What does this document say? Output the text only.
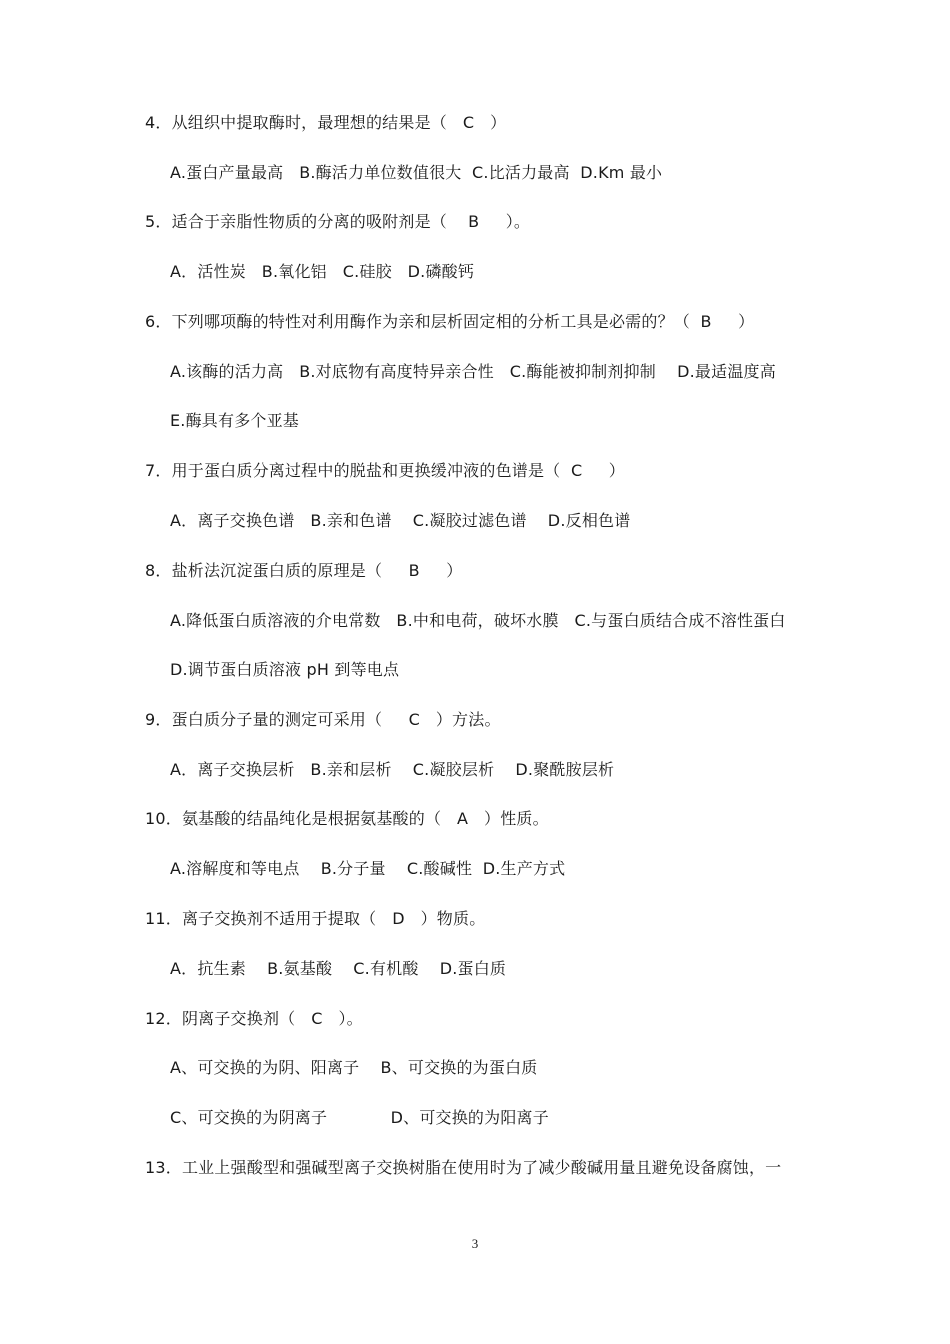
4．从组织中提取酶时，最理想的结果是（   C   ）
A.蛋白产量最高   B.酶活力单位数值很大  C.比活力最高  D.Km 最小
5．适合于亲脂性物质的分离的吸附剂是（    B     ）。
A．活性炭   B.氧化铝   C.硅胶   D.磷酸钙
6．下列哪项酶的特性对利用酶作为亲和层析固定相的分析工具是必需的？（  B     ）
A.该酶的活力高   B.对底物有高度特异亲合性   C.酶能被抑制剂抑制    D.最适温度高
E.酶具有多个亚基
7．用于蛋白质分离过程中的脱盐和更换缓冲液的色谱是（  C     ）
A．离子交换色谱   B.亲和色谱    C.凝胶过滤色谱    D.反相色谱
8．盐析法沉淀蛋白质的原理是（     B     ）
A.降低蛋白质溶液的介电常数   B.中和电荷，破坏水膜   C.与蛋白质结合成不溶性蛋白
D.调节蛋白质溶液 pH 到等电点
9．蛋白质分子量的测定可采用（     C   ）方法。
A．离子交换层析   B.亲和层析    C.凝胶层析    D.聚酰胺层析
10．氨基酸的结晶纯化是根据氨基酸的（   A   ）性质。
A.溶解度和等电点    B.分子量    C.酸碱性  D.生产方式
11．离子交换剂不适用于提取（   D   ）物质。
A．抗生素    B.氨基酸    C.有机酸    D.蛋白质
12．阴离子交换剂（   C   ）。
A、可交换的为阴、阳离子    B、可交换的为蛋白质
C、可交换的为阴离子            D、可交换的为阳离子
13．工业上强酸型和强碱型离子交换树脂在使用时为了减少酸碱用量且避免设备腐蚀，一
3
